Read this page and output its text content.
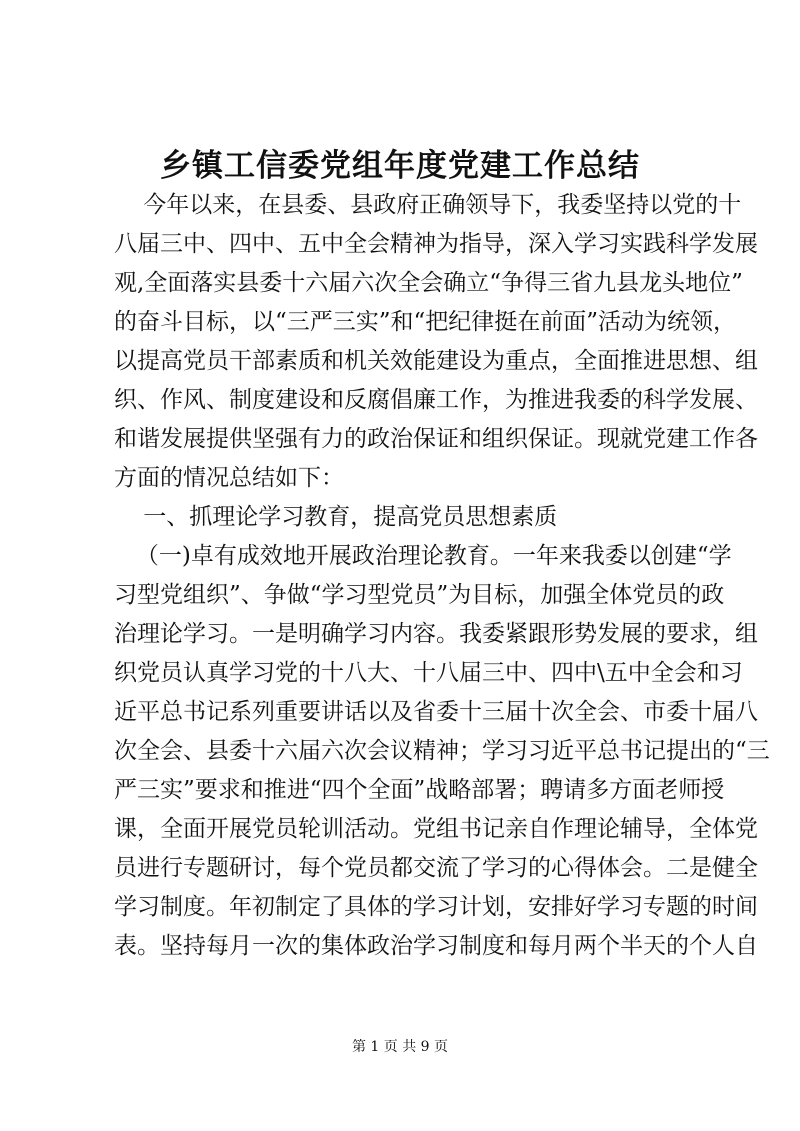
乡镇工信委党组年度党建工作总结
今年以来，在县委、县政府正确领导下，我委坚持以党的十
八届三中、四中、五中全会精神为指导，深入学习实践科学发展
观,全面落实县委十六届六次全会确立“争得三省九县龙头地位”
的奋斗目标，以“三严三实”和“把纪律挺在前面”活动为统领，
以提高党员干部素质和机关效能建设为重点，全面推进思想、组
织、作风、制度建设和反腐倡廉工作，为推进我委的科学发展、
和谐发展提供坚强有力的政治保证和组织保证。现就党建工作各
方面的情况总结如下：
一、抓理论学习教育，提高党员思想素质
（一)卓有成效地开展政治理论教育。一年来我委以创建“学
习型党组织”、争做“学习型党员”为目标，加强全体党员的政
治理论学习。一是明确学习内容。我委紧跟形势发展的要求，组
织党员认真学习党的十八大、十八届三中、四中\五中全会和习
近平总书记系列重要讲话以及省委十三届十次全会、市委十届八
次全会、县委十六届六次会议精神；学习习近平总书记提出的“三
严三实”要求和推进“四个全面”战略部署；聘请多方面老师授
课，全面开展党员轮训活动。党组书记亲自作理论辅导，全体党
员进行专题研讨，每个党员都交流了学习的心得体会。二是健全
学习制度。年初制定了具体的学习计划，安排好学习专题的时间
表。坚持每月一次的集体政治学习制度和每月两个半天的个人自
第 1 页 共 9 页
